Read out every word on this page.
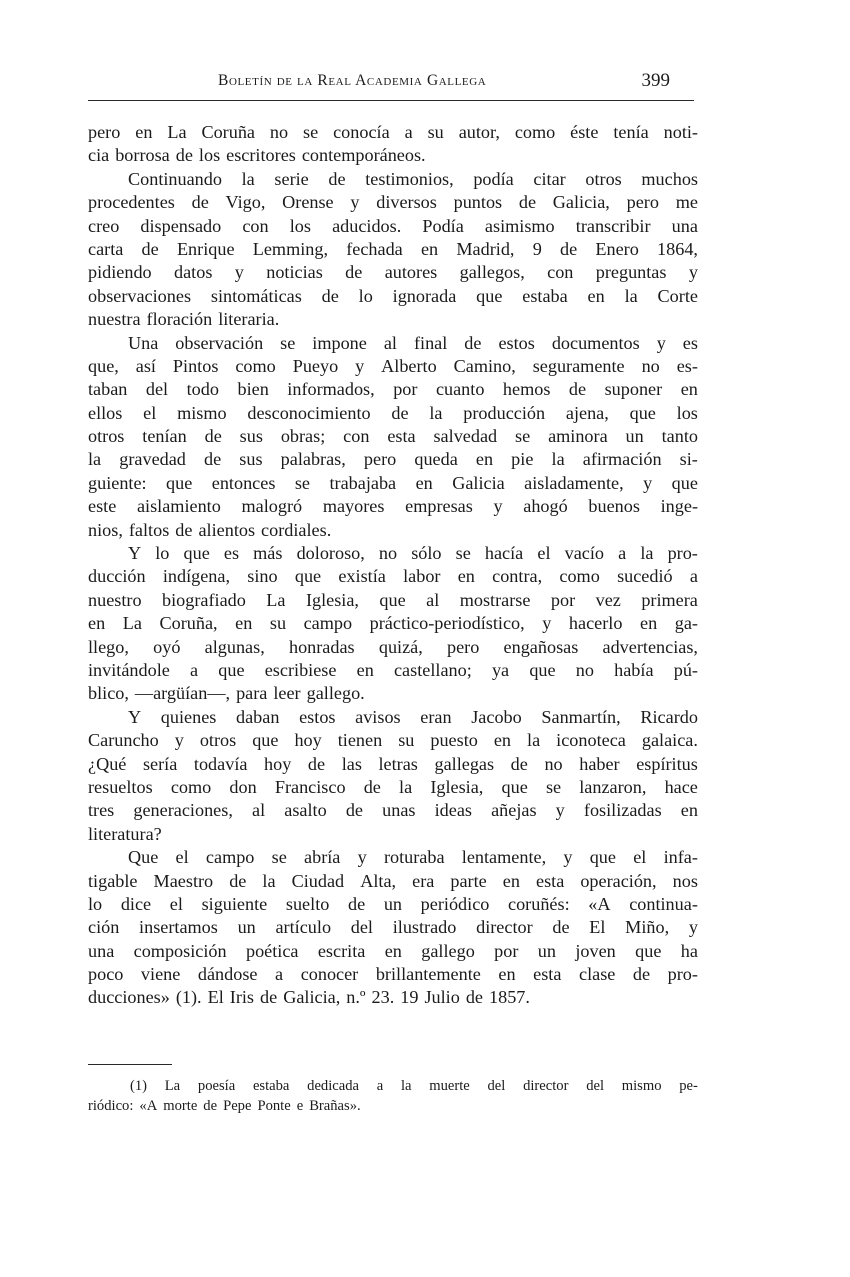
Boletín de la Real Academia Gallega	399
pero en La Coruña no se conocía a su autor, como éste tenía noti-
cia borrosa de los escritores contemporáneos.
Continuando la serie de testimonios, podía citar otros muchos
procedentes de Vigo, Orense y diversos puntos de Galicia, pero me
creo dispensado con los aducidos. Podía asimismo transcribir una
carta de Enrique Lemming, fechada en Madrid, 9 de Enero 1864,
pidiendo datos y noticias de autores gallegos, con preguntas y
observaciones sintomáticas de lo ignorada que estaba en la Corte
nuestra floración literaria.
Una observación se impone al final de estos documentos y es
que, así Pintos como Pueyo y Alberto Camino, seguramente no es-
taban del todo bien informados, por cuanto hemos de suponer en
ellos el mismo desconocimiento de la producción ajena, que los
otros tenían de sus obras; con esta salvedad se aminora un tanto
la gravedad de sus palabras, pero queda en pie la afirmación si-
guiente: que entonces se trabajaba en Galicia aisladamente, y que
este aislamiento malogró mayores empresas y ahogó buenos inge-
nios, faltos de alientos cordiales.
Y lo que es más doloroso, no sólo se hacía el vacío a la pro-
ducción indígena, sino que existía labor en contra, como sucedió a
nuestro biografiado La Iglesia, que al mostrarse por vez primera
en La Coruña, en su campo práctico-periodístico, y hacerlo en ga-
llego, oyó algunas, honradas quizá, pero engañosas advertencias,
invitándole a que escribiese en castellano; ya que no había pú-
blico, —argüían—, para leer gallego.
Y quienes daban estos avisos eran Jacobo Sanmartín, Ricardo
Caruncho y otros que hoy tienen su puesto en la iconoteca galaica.
¿Qué sería todavía hoy de las letras gallegas de no haber espíritus
resueltos como don Francisco de la Iglesia, que se lanzaron, hace
tres generaciones, al asalto de unas ideas añejas y fosilizadas en
literatura?
Que el campo se abría y roturaba lentamente, y que el infa-
tigable Maestro de la Ciudad Alta, era parte en esta operación, nos
lo dice el siguiente suelto de un periódico coruñés: «A continua-
ción insertamos un artículo del ilustrado director de El Miño, y
una composición poética escrita en gallego por un joven que ha
poco viene dándose a conocer brillantemente en esta clase de pro-
ducciones» (1). El Iris de Galicia, n.º 23. 19 Julio de 1857.
(1) La poesía estaba dedicada a la muerte del director del mismo pe-
riódico: «A morte de Pepe Ponte e Brañas».
